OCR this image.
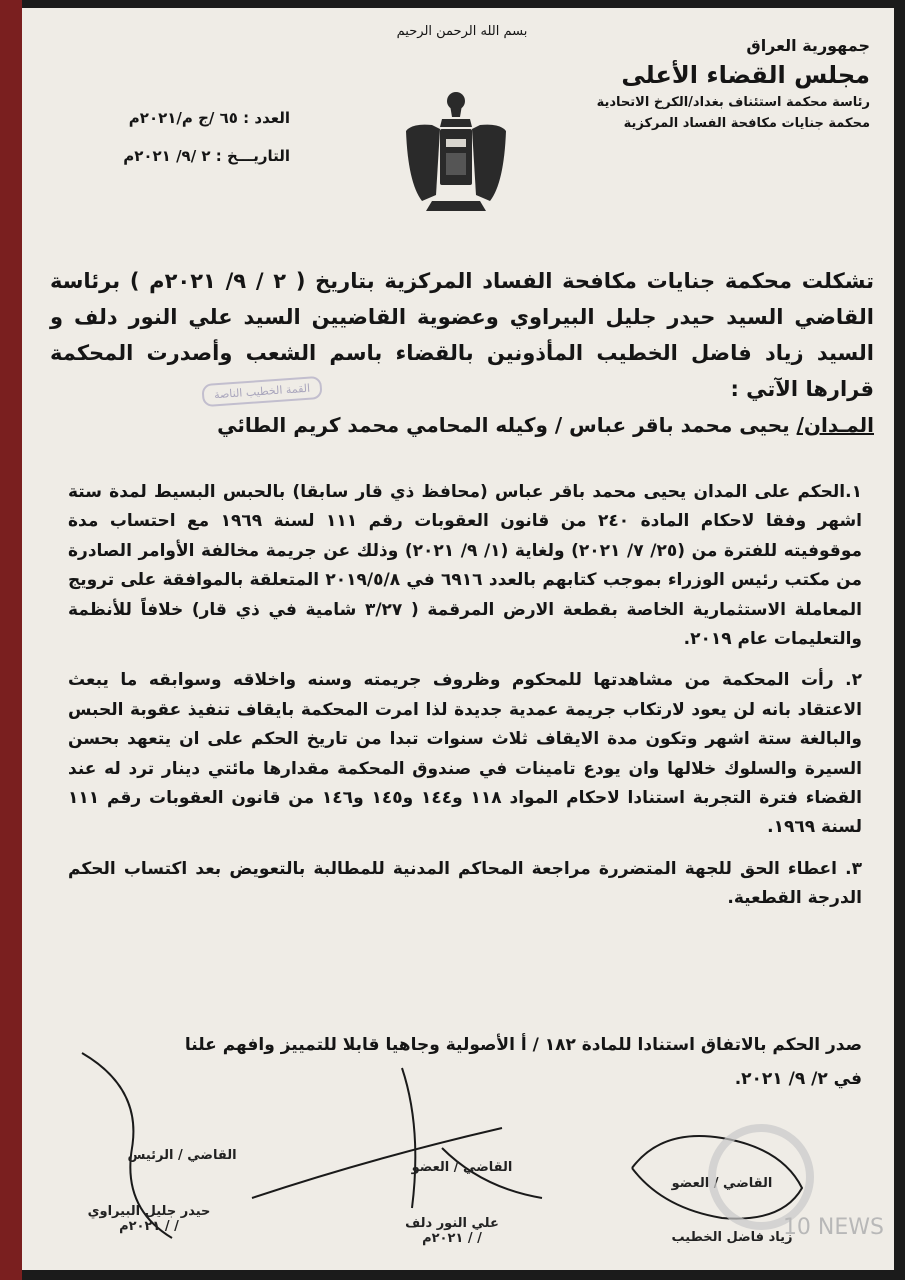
بسم الله الرحمن الرحيم
جمهورية العراق
مجلس القضاء الأعلى
رئاسة محكمة استئناف بغداد/الكرخ الاتحادية
محكمة جنايات مكافحة الفساد المركزية
العدد : ٦٥ /ج م/٢٠٢١م
التاريـــخ : ٢ /٩/ ٢٠٢١م
تشكلت محكمة جنايات مكافحة الفساد المركزية بتاريخ ( ٢ / ٩/ ٢٠٢١م ) برئاسة القاضي السيد حيدر جليل البيراوي وعضوية القاضيين السيد علي النور دلف و السيد زياد فاضل الخطيب المأذونين بالقضاء باسم الشعب وأصدرت المحكمة قرارها الآتي :
المـدان/ يحيى محمد باقر عباس / وكيله المحامي محمد كريم الطائي
القمة الخطيب الناصة
١.الحكم على المدان يحيى محمد باقر عباس (محافظ ذي قار سابقا) بالحبس البسيط لمدة ستة اشهر وفقا لاحكام المادة ٢٤٠ من قانون العقوبات رقم ١١١ لسنة ١٩٦٩ مع احتساب مدة موقوفيته للفترة من (٢٥/ ٧/ ٢٠٢١) ولغاية (١/ ٩/ ٢٠٢١) وذلك عن جريمة مخالفة الأوامر الصادرة من مكتب رئيس الوزراء بموجب كتابهم بالعدد ٦٩١٦ في ٢٠١٩/٥/٨ المتعلقة بالموافقة على ترويج المعاملة الاستثمارية الخاصة بقطعة الارض المرقمة ( ٣/٢٧ شامية في ذي قار) خلافاً للأنظمة والتعليمات عام ٢٠١٩.
٢. رأت المحكمة من مشاهدتها للمحكوم وظروف جريمته وسنه واخلاقه وسوابقه ما يبعث الاعتقاد بانه لن يعود لارتكاب جريمة عمدية جديدة لذا امرت المحكمة بايقاف تنفيذ عقوبة الحبس والبالغة ستة اشهر وتكون مدة الايقاف ثلاث سنوات تبدا من تاريخ الحكم على ان يتعهد بحسن السيرة والسلوك خلالها وان يودع تامينات في صندوق المحكمة مقدارها مائتي دينار ترد له عند القضاء فترة التجربة استنادا لاحكام المواد ١١٨ و١٤٤ و١٤٥ و١٤٦ من قانون العقوبات رقم ١١١ لسنة ١٩٦٩.
٣. اعطاء الحق للجهة المتضررة مراجعة المحاكم المدنية للمطالبة بالتعويض بعد اكتساب الحكم الدرجة القطعية.
صدر الحكم بالاتفاق استنادا للمادة ١٨٢ / أ الأصولية وجاهيا قابلا للتمييز وافهم علنا
في ٢/ ٩/ ٢٠٢١.
القاضي / الرئيس
حيدر جليل البيراوي
/ / ٢٠٢١م
القاضي / العضو
علي النور دلف
/ / ٢٠٢١م
القاضي / العضو
زياد فاضل الخطيب
10 NEWS
